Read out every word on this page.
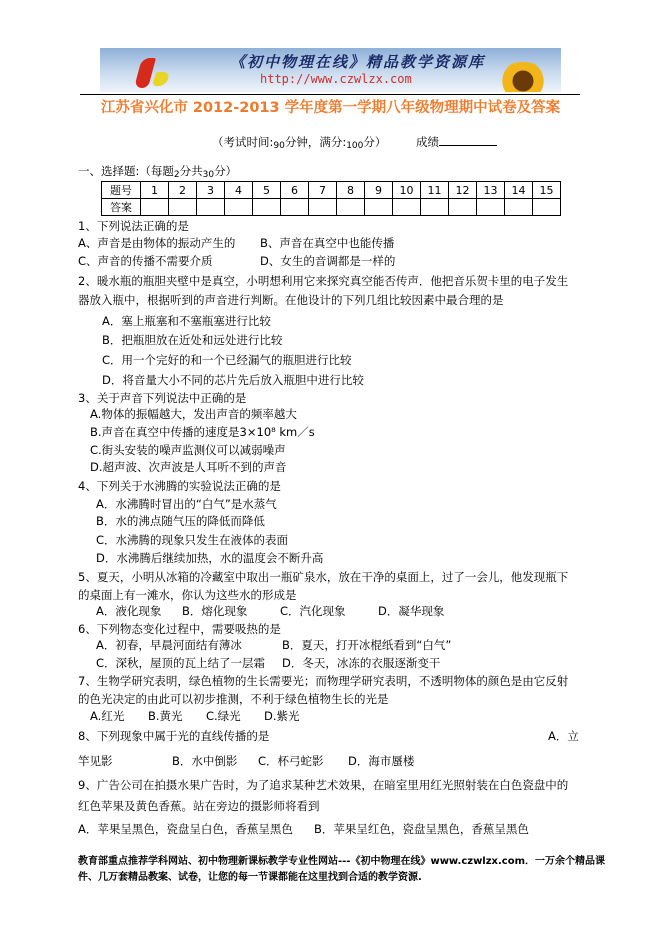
《初中物理在线》精品教学资源库
http://www.czwlzx.com
江苏省兴化市 2012-2013 学年度第一学期八年级物理期中试卷及答案
（考试时间$:_{90}$分钟，满分$:_{100}$分）	成绩
一、选择题:（每题$_2$分共$_{30}$分）
题号	1	2	3	4	5	6	7	8	9	10	11	12	13	14	15
答案															
1、下列说法正确的是
A、声音是由物体的振动产生的 B、声音在真空中也能传播
C、声音的传播不需要介质	D、女生的音调都是一样的
2、暖水瓶的瓶胆夹壁中是真空，小明想利用它来探究真空能否传声．他把音乐贺卡里的电子发生
器放入瓶中，根据听到的声音进行判断。在他设计的下列几组比较因素中最合理的是
A．塞上瓶塞和不塞瓶塞进行比较
B．把瓶胆放在近处和远处进行比较
C．用一个完好的和一个已经漏气的瓶胆进行比较
D．将音量大小不同的芯片先后放入瓶胆中进行比较
3、关于声音下列说法中正确的是
A.物体的振幅越大，发出声音的频率越大
B.声音在真空中传播的速度是3×10⁸ km／s
C.街头安装的噪声监测仪可以减弱噪声
D.超声波、次声波是人耳听不到的声音
4、下列关于水沸腾的实验说法正确的是
A．水沸腾时冒出的“白气”是水蒸气
B．水的沸点随气压的降低而降低
C．水沸腾的现象只发生在液体的表面
D．水沸腾后继续加热，水的温度会不断升高
5、夏天，小明从冰箱的冷藏室中取出一瓶矿泉水，放在干净的桌面上，过了一会儿，他发现瓶下
的桌面上有一滩水，你认为这些水的形成是
A．液化现象 B．熔化现象	C．汽化现象	D．凝华现象
6、下列物态变化过程中，需要吸热的是
A．初春，早晨河面结有薄冰	B．夏天，打开冰棍纸看到“白气”
C．深秋，屋顶的瓦上结了一层霜 D．冬天，冰冻的衣服逐渐变干
7、生物学研究表明，绿色植物的生长需要光；而物理学研究表明，不透明物体的颜色是由它反射
的色光决定的由此可以初步推测，不利于绿色植物生长的光是
A.红光 B.黄光 C.绿光 D.紫光
8、下列现象中属于光的直线传播的是	A．立
竿见影	B．水中倒影 C．杯弓蛇影 D．海市蜃楼
9、广告公司在拍摄水果广告时，为了追求某种艺术效果，在暗室里用红光照射装在白色瓷盘中的
红色苹果及黄色香蕉。站在旁边的摄影师将看到
A．苹果呈黑色，瓷盘呈白色，香蕉呈黑色 B．苹果呈红色，瓷盘呈黑色，香蕉呈黑色
教育部重点推荐学科网站、初中物理新课标教学专业性网站---《初中物理在线》www.czwlzx.com．一万余个精品课
件、几万套精品教案、试卷，让您的每一节课都能在这里找到合适的教学资源.
